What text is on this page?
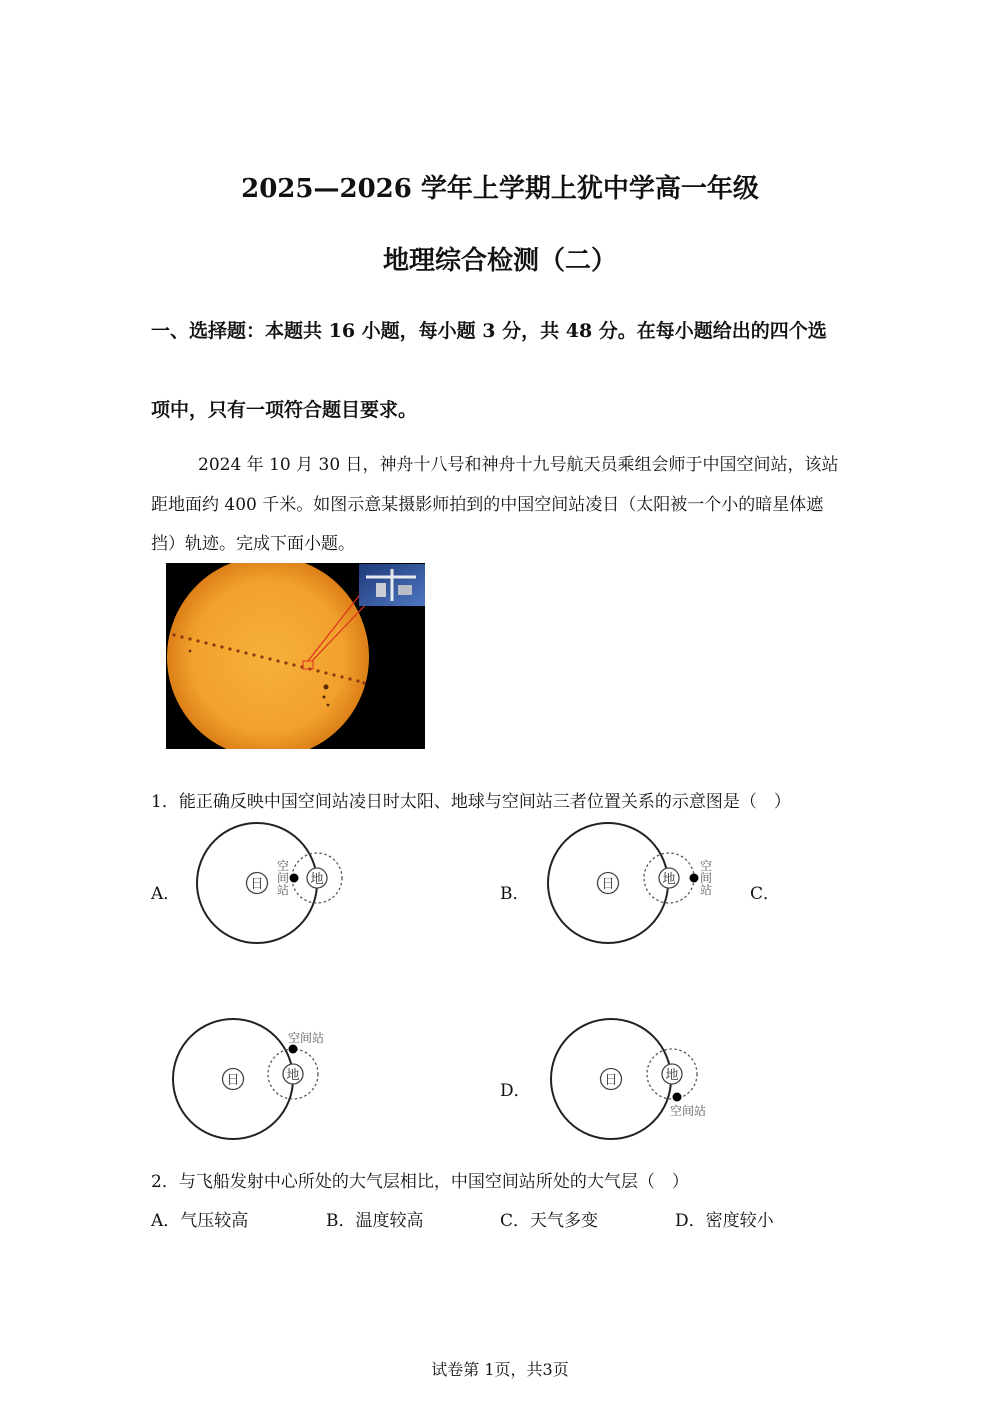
2025—2026 学年上学期上犹中学高一年级
地理综合检测（二）
一、选择题：本题共 16 小题，每小题 3 分，共 48 分。在每小题给出的四个选
项中，只有一项符合题目要求。
2024 年 10 月 30 日，神舟十八号和神舟十九号航天员乘组会师于中国空间站，该站
距地面约 400 千米。如图示意某摄影师拍到的中国空间站凌日（太阳被一个小的暗星体遮
挡）轨迹。完成下面小题。
1．能正确反映中国空间站凌日时太阳、地球与空间站三者位置关系的示意图是（　）
A．	日	地
空
间
站	B．	日	地
空
间
站 C．
日	地
空间站
D．
日	地
空间站
2．与飞船发射中心所处的大气层相比，中国空间站所处的大气层（　）
A．气压较高	B．温度较高	C．天气多变	D．密度较小
试卷第 1页，共3页
